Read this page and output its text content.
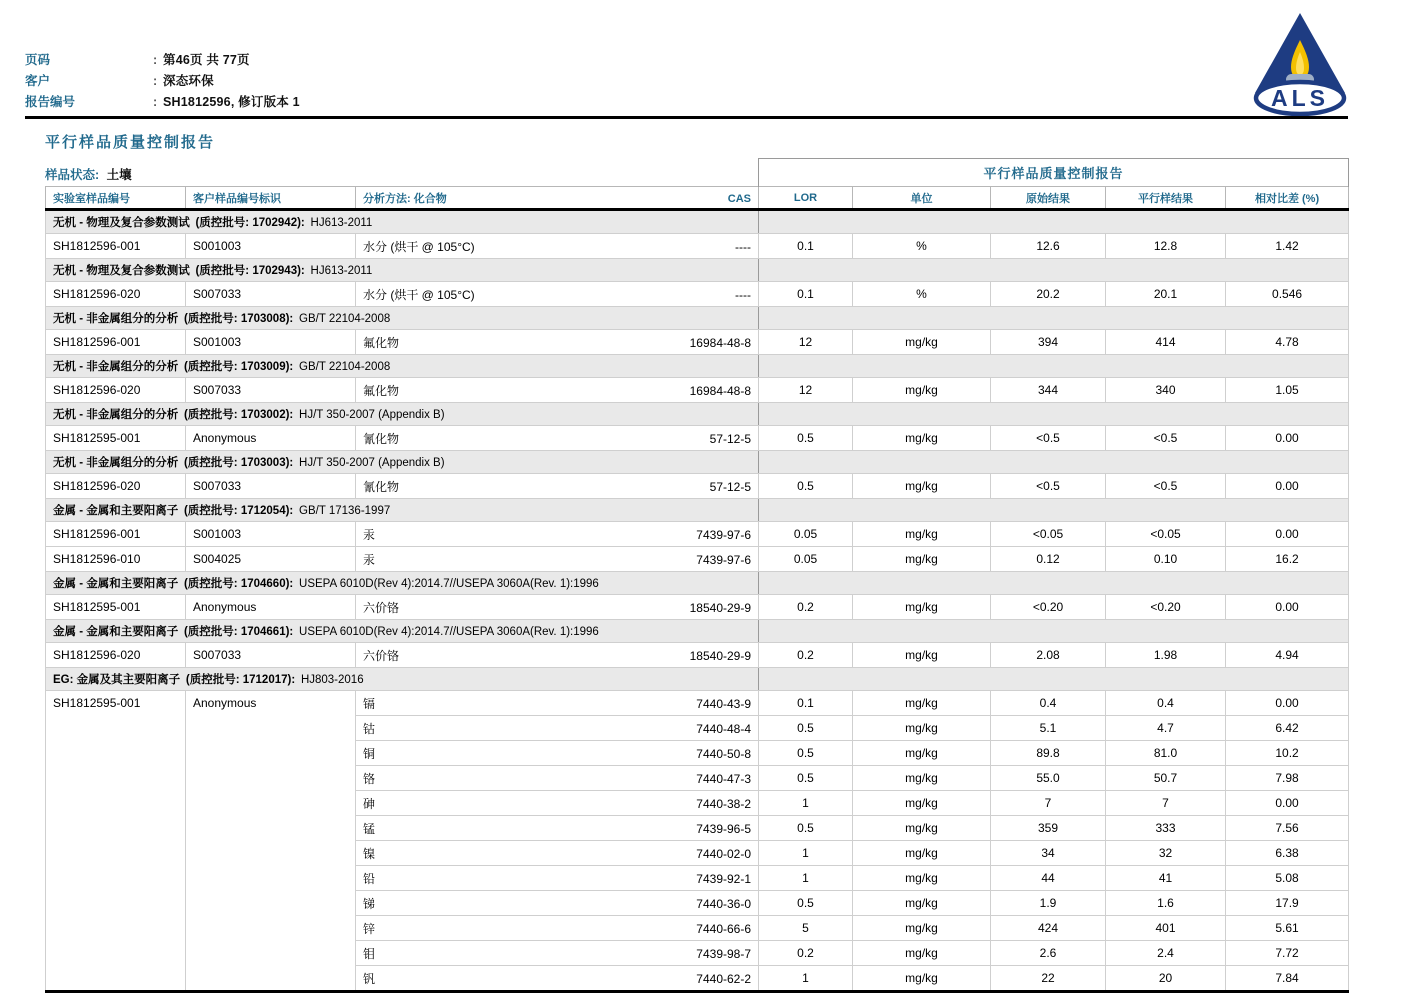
页码	: 第46页 共 77页
客户	: 深态环保
报告编号	: SH1812596, 修订版本 1	ALS
平行样品质量控制报告
样品状态: 土壤
			平行样品质量控制报告				
实验室样品编号	客户样品编号标识	分析方法: 化合物 CAS	LOR	单位	原始结果	平行样结果	相对比差 (%)
无机 - 物理及复合参数测试 (质控批号: 1702942): HJ613-2011							
SH1812596-001	S001003	水分 (烘干 @ 105°C) ----	0.1	%	12.6	12.8	1.42
无机 - 物理及复合参数测试 (质控批号: 1702943): HJ613-2011							
SH1812596-020	S007033	水分 (烘干 @ 105°C) ----	0.1	%	20.2	20.1	0.546
无机 - 非金属组分的分析 (质控批号: 1703008): GB/T 22104-2008							
SH1812596-001	S001003	氟化物 16984-48-8	12	mg/kg	394	414	4.78
无机 - 非金属组分的分析 (质控批号: 1703009): GB/T 22104-2008							
SH1812596-020	S007033	氟化物 16984-48-8	12	mg/kg	344	340	1.05
无机 - 非金属组分的分析 (质控批号: 1703002): HJ/T 350-2007 (Appendix B)							
SH1812595-001	Anonymous	氰化物 57-12-5	0.5	mg/kg	<0.5	<0.5	0.00
无机 - 非金属组分的分析 (质控批号: 1703003): HJ/T 350-2007 (Appendix B)							
SH1812596-020	S007033	氰化物 57-12-5	0.5	mg/kg	<0.5	<0.5	0.00
金属 - 金属和主要阳离子 (质控批号: 1712054): GB/T 17136-1997							
SH1812596-001	S001003	汞 7439-97-6	0.05	mg/kg	<0.05	<0.05	0.00
SH1812596-010	S004025	汞 7439-97-6	0.05	mg/kg	0.12	0.10	16.2
金属 - 金属和主要阳离子 (质控批号: 1704660): USEPA 6010D(Rev 4):2014.7//USEPA 3060A(Rev. 1):1996							
SH1812595-001	Anonymous	六价铬 18540-29-9	0.2	mg/kg	<0.20	<0.20	0.00
金属 - 金属和主要阳离子 (质控批号: 1704661): USEPA 6010D(Rev 4):2014.7//USEPA 3060A(Rev. 1):1996							
SH1812596-020	S007033	六价铬 18540-29-9	0.2	mg/kg	2.08	1.98	4.94
EG: 金属及其主要阳离子 (质控批号: 1712017): HJ803-2016							
SH1812595-001	Anonymous	镉 7440-43-9	0.1	mg/kg	0.4	0.4	0.00

		钴 7440-48-4	0.5	mg/kg	5.1	4.7	6.42

		铜 7440-50-8	0.5	mg/kg	89.8	81.0	10.2

		铬 7440-47-3	0.5	mg/kg	55.0	50.7	7.98

		砷 7440-38-2	1	mg/kg	7	7	0.00

		锰 7439-96-5	0.5	mg/kg	359	333	7.56

		镍 7440-02-0	1	mg/kg	34	32	6.38

		铅 7439-92-1	1	mg/kg	44	41	5.08

		锑 7440-36-0	0.5	mg/kg	1.9	1.6	17.9

		锌 7440-66-6	5	mg/kg	424	401	5.61

		钼 7439-98-7	0.2	mg/kg	2.6	2.4	7.72

		钒 7440-62-2	1	mg/kg	22	20	7.84
